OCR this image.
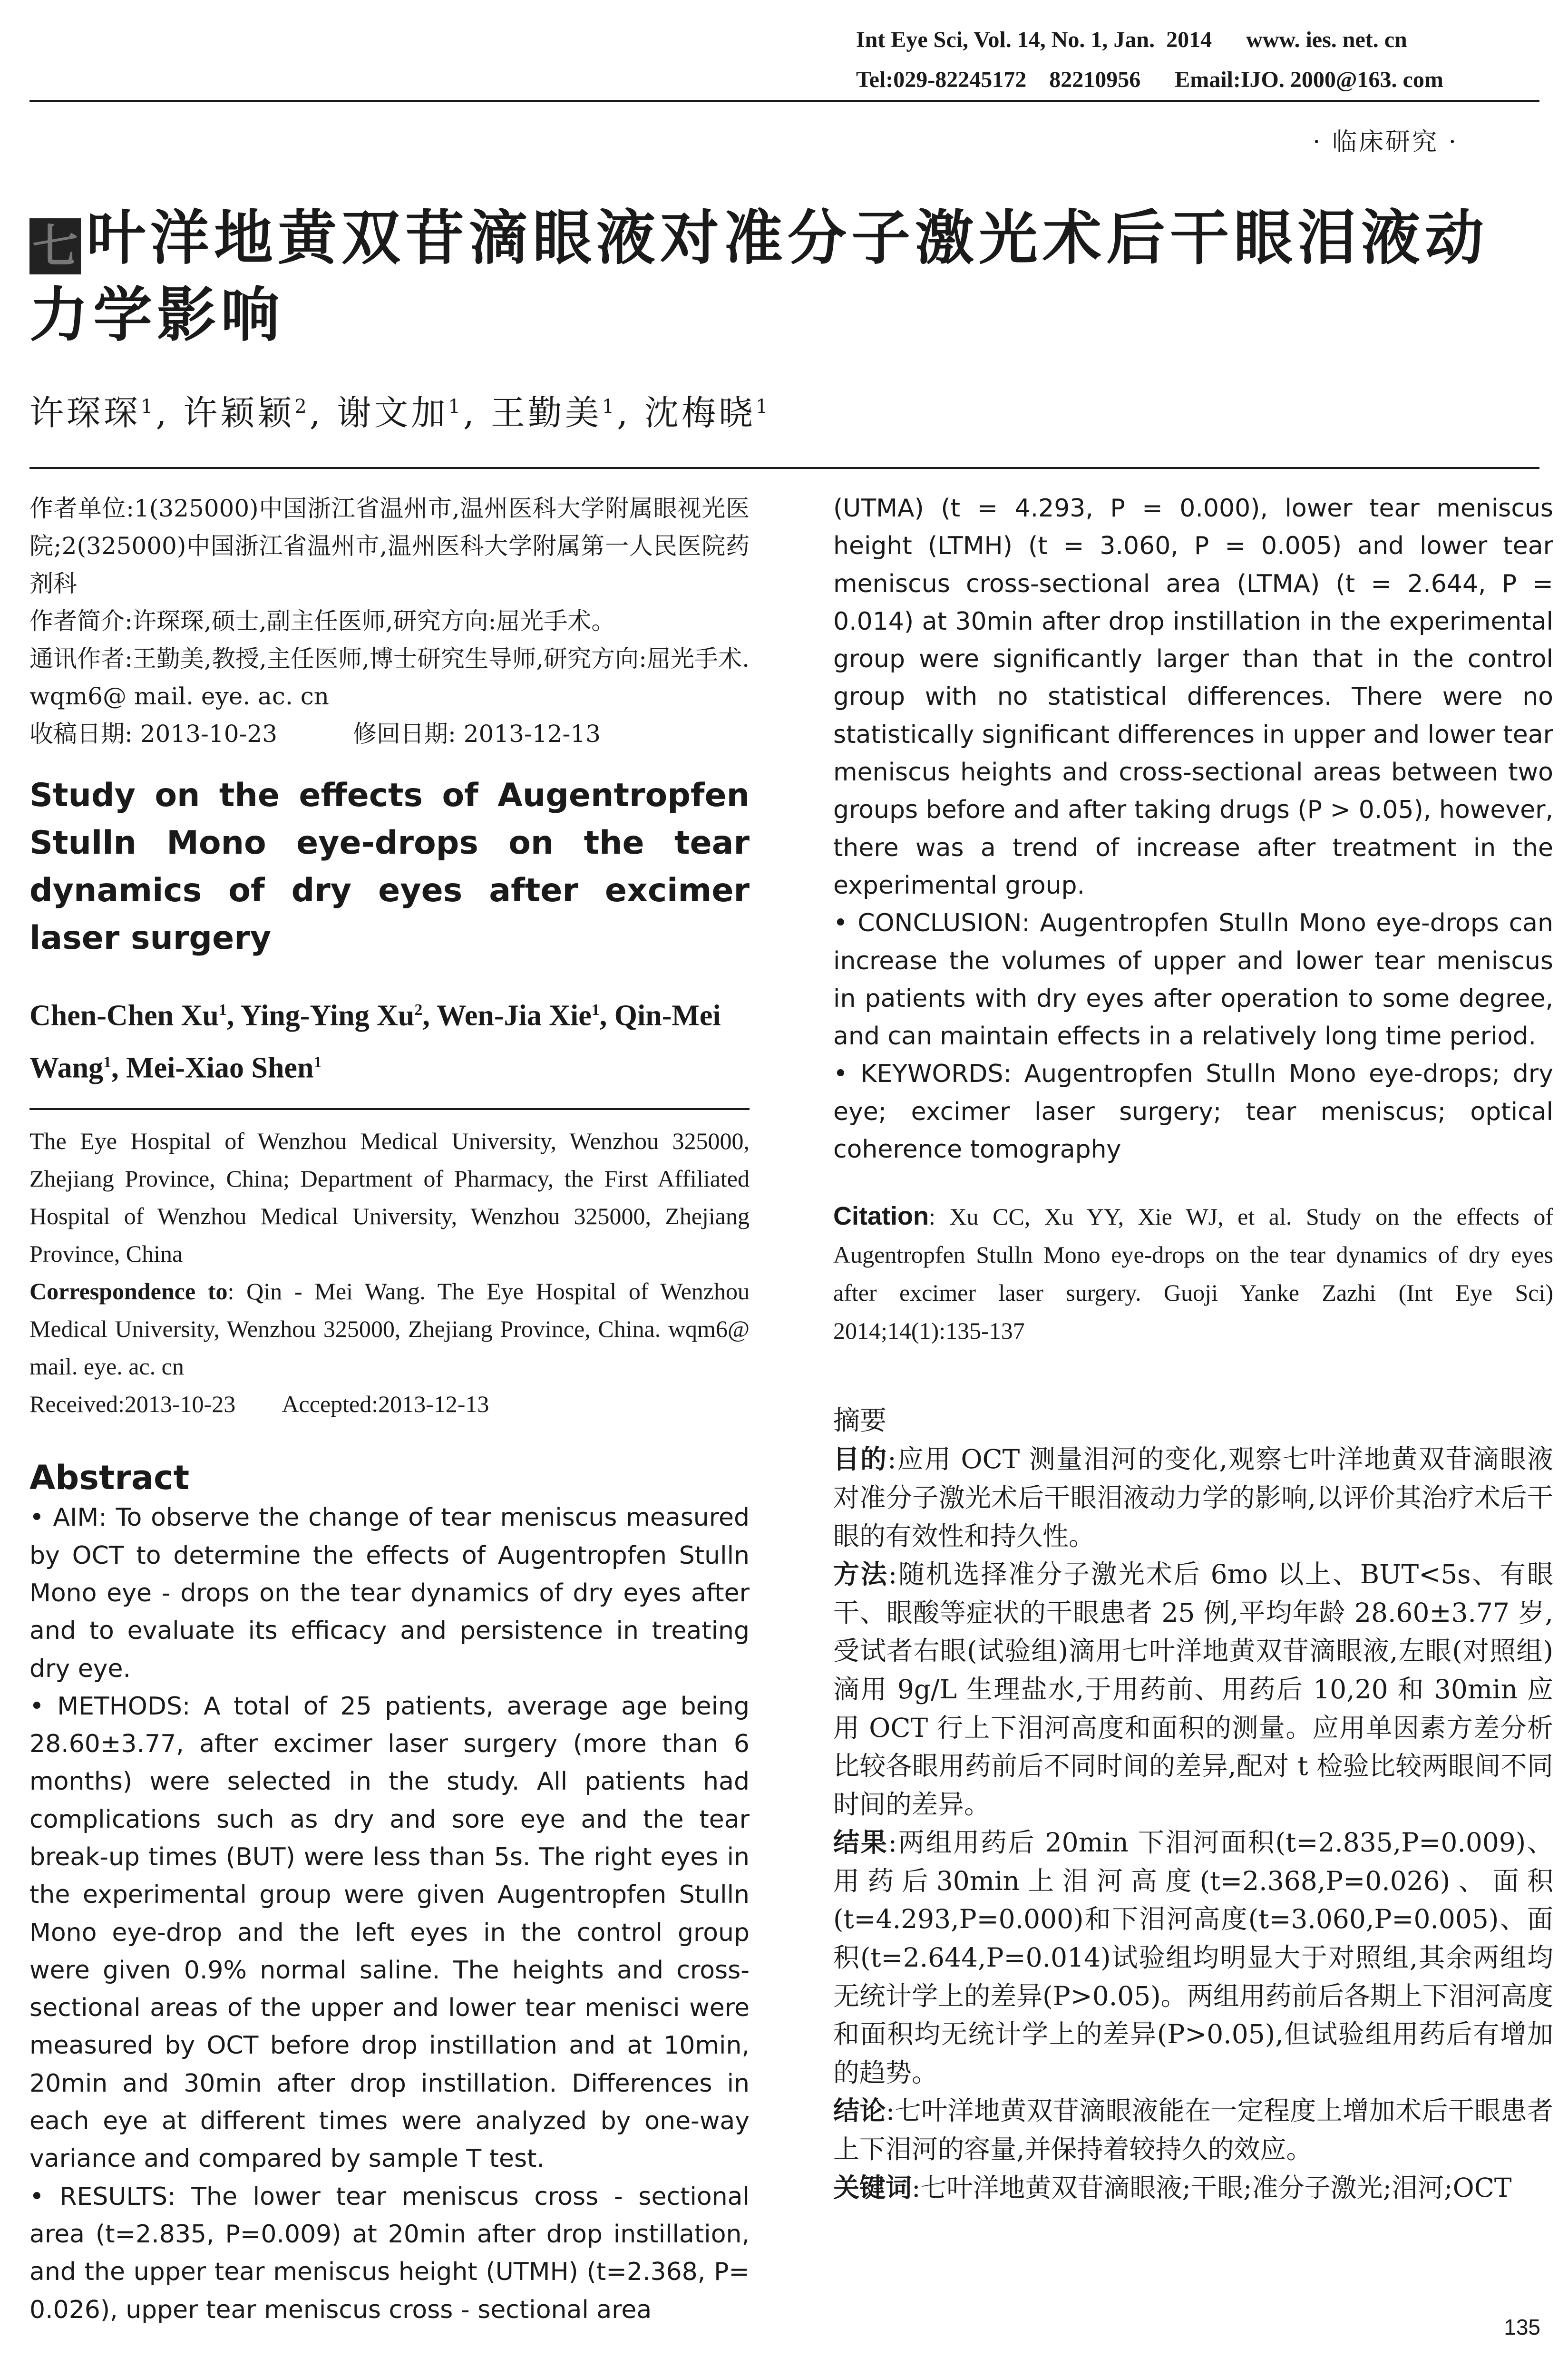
Int Eye Sci, Vol. 14, No. 1, Jan.  2014      www. ies. net. cn
Tel:029-82245172    82210956      Email:IJO. 2000@163. com
· 临床研究 ·
七 叶洋地黄双苷滴眼液对准分子激光术后干眼泪液动力学影响
许琛琛$^1$, 许颖颖$^2$, 谢文加$^1$, 王勤美$^1$, 沈梅晓$^1$

作者单位:1(325000)中国浙江省温州市,温州医科大学附属眼视光医院;2(325000)中国浙江省温州市,温州医科大学附属第一人民医院药剂科

作者简介:许琛琛,硕士,副主任医师,研究方向:屈光手术。

通讯作者:王勤美,教授,主任医师,博士研究生导师,研究方向:屈光手术. wqm6@ mail. eye. ac. cn

收稿日期: 2013-10-23          修回日期: 2013-12-13

Study on the effects of Augentropfen Stulln Mono eye-drops on the tear dynamics of dry eyes after excimer laser surgery
Chen-Chen Xu$^1$, Ying-Ying Xu$^2$, Wen-Jia Xie$^1$, Qin-Mei Wang$^1$, Mei-Xiao Shen$^1$

The Eye Hospital of Wenzhou Medical University, Wenzhou 325000, Zhejiang Province, China; Department of Pharmacy, the First Affiliated Hospital of Wenzhou Medical University, Wenzhou 325000, Zhejiang Province, China

Correspondence to: Qin - Mei Wang. The Eye Hospital of Wenzhou Medical University, Wenzhou 325000, Zhejiang Province, China. wqm6@ mail. eye. ac. cn

Received:2013-10-23        Accepted:2013-12-13

Abstract

• AIM: To observe the change of tear meniscus measured by OCT to determine the effects of Augentropfen Stulln Mono eye - drops on the tear dynamics of dry eyes after and to evaluate its efficacy and persistence in treating dry eye.

• METHODS: A total of 25 patients, average age being 28.60±3.77, after excimer laser surgery (more than 6 months) were selected in the study. All patients had complications such as dry and sore eye and the tear break-up times (BUT) were less than 5s. The right eyes in the experimental group were given Augentropfen Stulln Mono eye-drop and the left eyes in the control group were given 0.9% normal saline. The heights and cross-sectional areas of the upper and lower tear menisci were measured by OCT before drop instillation and at 10min, 20min and 30min after drop instillation. Differences in each eye at different times were analyzed by one-way variance and compared by sample T test.

• RESULTS: The lower tear meniscus cross - sectional area (t=2.835, P=0.009) at 20min after drop instillation, and the upper tear meniscus height (UTMH) (t=2.368, P= 0.026), upper tear meniscus cross - sectional area

(UTMA) (t = 4.293, P = 0.000), lower tear meniscus height (LTMH) (t = 3.060, P = 0.005) and lower tear meniscus cross-sectional area (LTMA) (t = 2.644, P = 0.014) at 30min after drop instillation in the experimental group were significantly larger than that in the control group with no statistical differences. There were no statistically significant differences in upper and lower tear meniscus heights and cross-sectional areas between two groups before and after taking drugs (P > 0.05), however, there was a trend of increase after treatment in the experimental group.

• CONCLUSION: Augentropfen Stulln Mono eye-drops can increase the volumes of upper and lower tear meniscus in patients with dry eyes after operation to some degree, and can maintain effects in a relatively long time period.

• KEYWORDS: Augentropfen Stulln Mono eye-drops; dry eye; excimer laser surgery; tear meniscus; optical coherence tomography

Citation: Xu CC, Xu YY, Xie WJ, et al. Study on the effects of Augentropfen Stulln Mono eye-drops on the tear dynamics of dry eyes after excimer laser surgery. Guoji Yanke Zazhi (Int Eye Sci) 2014;14(1):135-137
摘要

目的:应用 OCT 测量泪河的变化,观察七叶洋地黄双苷滴眼液对准分子激光术后干眼泪液动力学的影响,以评价其治疗术后干眼的有效性和持久性。

方法:随机选择准分子激光术后 6mo 以上、BUT<5s、有眼干、眼酸等症状的干眼患者 25 例,平均年龄 28.60±3.77 岁,受试者右眼(试验组)滴用七叶洋地黄双苷滴眼液,左眼(对照组)滴用 9g/L 生理盐水,于用药前、用药后 10,20 和 30min 应用 OCT 行上下泪河高度和面积的测量。应用单因素方差分析比较各眼用药前后不同时间的差异,配对 t 检验比较两眼间不同时间的差异。

结果:两组用药后 20min 下泪河面积(t=2.835,P=0.009)、用药后30min上泪河高度(t=2.368,P=0.026)、面积(t=4.293,P=0.000)和下泪河高度(t=3.060,P=0.005)、面积(t=2.644,P=0.014)试验组均明显大于对照组,其余两组均无统计学上的差异(P>0.05)。两组用药前后各期上下泪河高度和面积均无统计学上的差异(P>0.05),但试验组用药后有增加的趋势。

结论:七叶洋地黄双苷滴眼液能在一定程度上增加术后干眼患者上下泪河的容量,并保持着较持久的效应。

关键词:七叶洋地黄双苷滴眼液;干眼;准分子激光;泪河;OCT

135
